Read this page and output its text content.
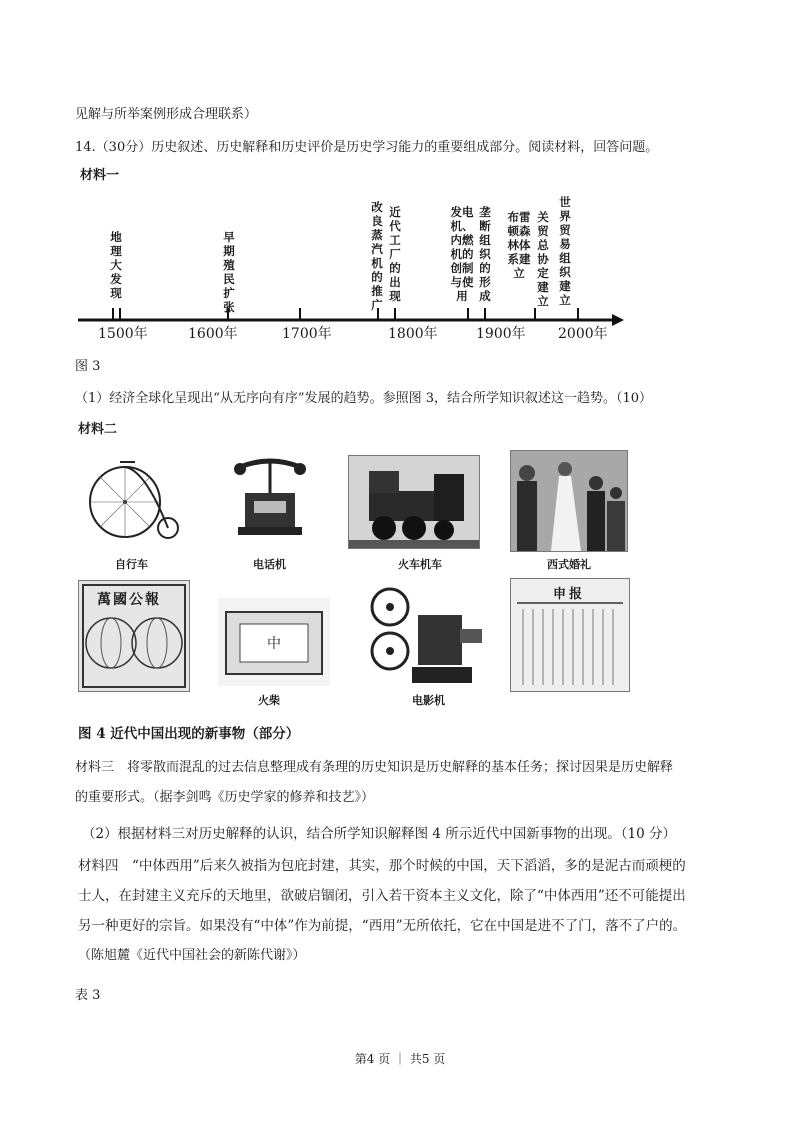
见解与所举案例形成合理联系）
14.（30分）历史叙述、历史解释和历史评价是历史学习能力的重要组成部分。阅读材料，回答问题。
材料一
1500年	1600年	1700年	1800年	1900年 2000年
地理大发现
早期殖民扩张
改良蒸汽机的推广
近代工厂的出现
发电机、内燃机的创制与使用
垄断组织的形成
布雷顿森林体系建立
关贸总协定建立
世界贸易组织建立
图 3
（1）经济全球化呈现出“从无序向有序”发展的趋势。参照图 3，结合所学知识叙述这一趋势。（10）
材料二
自行车	电话机	火车机车	西式婚礼
萬國公報
中
火柴	电影机
申报
图 4 近代中国出现的新事物（部分）
材料三　将零散而混乱的过去信息整理成有条理的历史知识是历史解释的基本任务；探讨因果是历史解释
的重要形式。（据李剑鸣《历史学家的修养和技艺》）
（2）根据材料三对历史解释的认识，结合所学知识解释图 4 所示近代中国新事物的出现。（10 分）
材料四　“中体西用”后来久被指为包庇封建，其实，那个时候的中国，天下滔滔，多的是泥古而顽梗的
士人，在封建主义充斥的天地里，欲破启锢闭，引入若干资本主义文化，除了“中体西用”还不可能提出
另一种更好的宗旨。如果没有“中体”作为前提，“西用”无所依托，它在中国是进不了门，落不了户的。
（陈旭麓《近代中国社会的新陈代谢》）
表 3
第4 页 ｜ 共5 页
